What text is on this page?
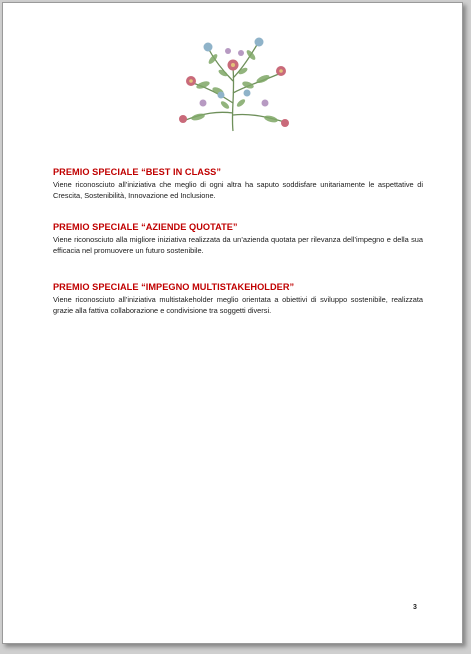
PREMIO SPECIALE “BEST IN CLASS”

Viene riconosciuto all’iniziativa che meglio di ogni altra ha saputo soddisfare unitariamente le aspettative di Crescita, Sostenibilità, Innovazione ed Inclusione.

PREMIO SPECIALE “AZIENDE QUOTATE”

Viene riconosciuto alla migliore iniziativa realizzata da un’azienda quotata per rilevanza dell’impegno e della sua efficacia nel promuovere un futuro sostenibile.

PREMIO SPECIALE “IMPEGNO MULTISTAKEHOLDER”

Viene riconosciuto all’iniziativa multistakeholder meglio orientata a obiettivi di sviluppo sostenibile, realizzata grazie alla fattiva collaborazione e condivisione tra soggetti diversi.

3
